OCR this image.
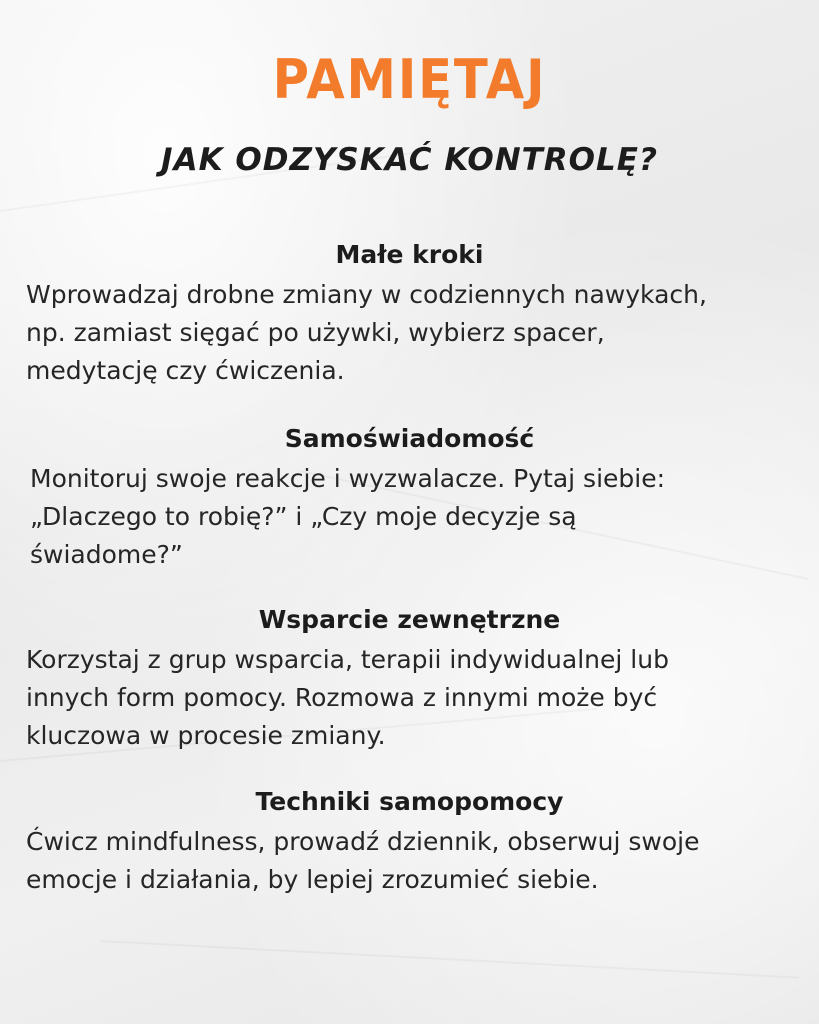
PAMIĘTAJ
JAK ODZYSKAĆ KONTROLĘ?
Małe kroki
Wprowadzaj drobne zmiany w codziennych nawykach,
np. zamiast sięgać po używki, wybierz spacer,
medytację czy ćwiczenia.
Samoświadomość
Monitoruj swoje reakcje i wyzwalacze. Pytaj siebie:
„Dlaczego to robię?” i „Czy moje decyzje są
świadome?”
Wsparcie zewnętrzne
Korzystaj z grup wsparcia, terapii indywidualnej lub
innych form pomocy. Rozmowa z innymi może być
kluczowa w procesie zmiany.
Techniki samopomocy
Ćwicz mindfulness, prowadź dziennik, obserwuj swoje
emocje i działania, by lepiej zrozumieć siebie.
